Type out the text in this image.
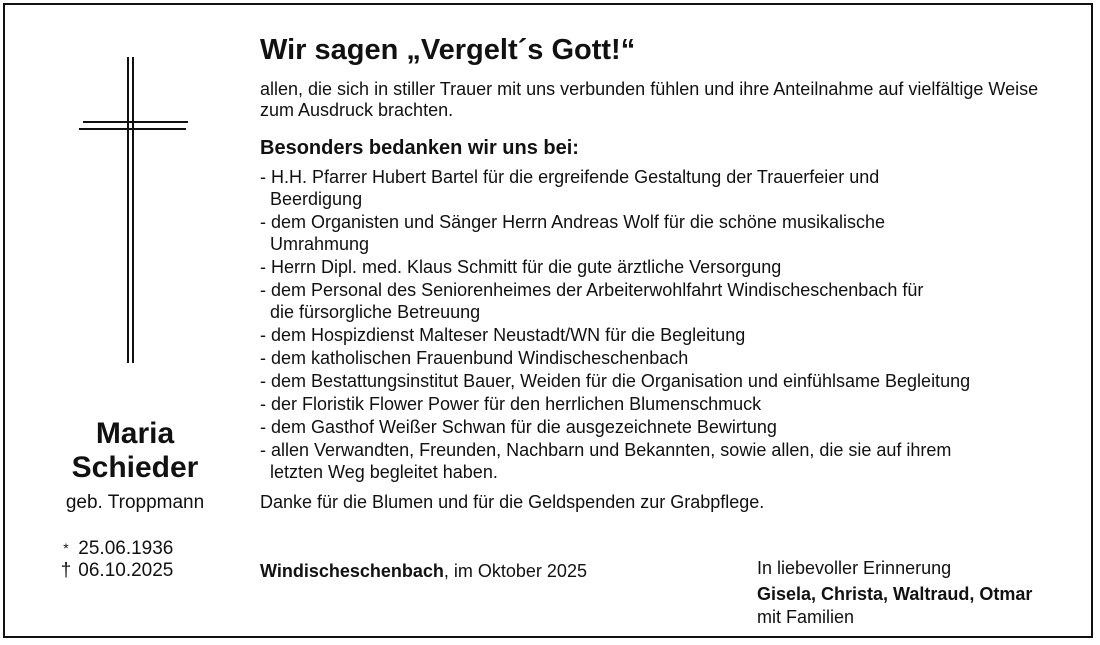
Maria
Schieder
geb. Troppmann
* 25.06.1936
† 06.10.2025
Wir sagen „Vergelt´s Gott!“
allen, die sich in stiller Trauer mit uns verbunden fühlen und ihre Anteilnahme auf vielfältige Weise zum Ausdruck brachten.
Besonders bedanken wir uns bei:
- H.H. Pfarrer Hubert Bartel für die ergreifende Gestaltung der Trauerfeier und
Beerdigung
- dem Organisten und Sänger Herrn Andreas Wolf für die schöne musikalische
Umrahmung
- Herrn Dipl. med. Klaus Schmitt für die gute ärztliche Versorgung
- dem Personal des Seniorenheimes der Arbeiterwohlfahrt Windischeschenbach für
die fürsorgliche Betreuung
- dem Hospizdienst Malteser Neustadt/WN für die Begleitung
- dem katholischen Frauenbund Windischeschenbach
- dem Bestattungsinstitut Bauer, Weiden für die Organisation und einfühlsame Begleitung
- der Floristik Flower Power für den herrlichen Blumenschmuck
- dem Gasthof Weißer Schwan für die ausgezeichnete Bewirtung
- allen Verwandten, Freunden, Nachbarn und Bekannten, sowie allen, die sie auf ihrem
letzten Weg begleitet haben.
Danke für die Blumen und für die Geldspenden zur Grabpflege.
Windischeschenbach, im Oktober 2025	In liebevoller Erinnerung
Gisela, Christa, Waltraud, Otmar
mit Familien
